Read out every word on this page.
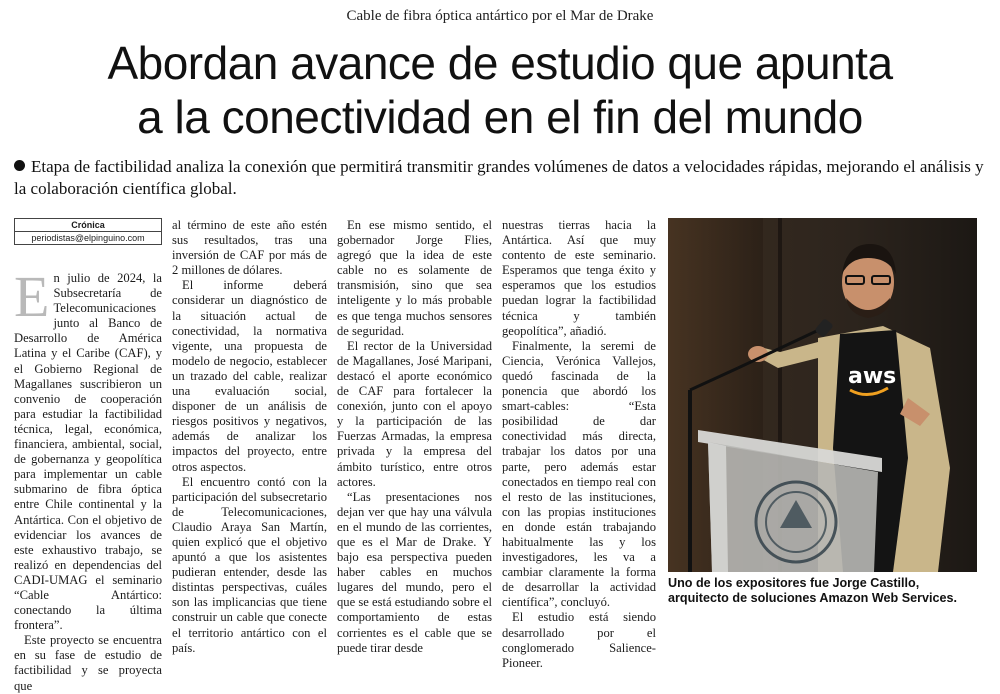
Cable de fibra óptica antártico por el Mar de Drake
Abordan avance de estudio que apunta
a la conectividad en el fin del mundo
Etapa de factibilidad analiza la conexión que permitirá transmitir grandes volúmenes de datos a velocidades rápidas, mejorando el análisis y la colaboración científica global.
Crónica
periodistas@elpinguino.com

En julio de 2024, la Subsecretaría de Telecomunicaciones junto al Banco de Desarrollo de América Latina y el Caribe (CAF), y el Gobierno Regional de Magallanes suscribieron un convenio de cooperación para estudiar la factibilidad técnica, legal, económica, financiera, ambiental, social, de gobernanza y geopolítica para implementar un cable submarino de fibra óptica entre Chile continental y la Antártica. Con el objetivo de evidenciar los avances de este exhaustivo trabajo, se realizó en dependencias del CADI-UMAG el seminario “Cable Antártico: conectando la última frontera”.

Este proyecto se encuentra en su fase de estudio de factibilidad y se proyecta que

al término de este año estén sus resultados, tras una inversión de CAF por más de 2 millones de dólares.

El informe deberá considerar un diagnóstico de la situación actual de conectividad, la normativa vigente, una propuesta de modelo de negocio, establecer un trazado del cable, realizar una evaluación social, disponer de un análisis de riesgos positivos y negativos, además de analizar los impactos del proyecto, entre otros aspectos.

El encuentro contó con la participación del subsecretario de Telecomunicaciones, Claudio Araya San Martín, quien explicó que el objetivo apuntó a que los asistentes pudieran entender, desde las distintas perspectivas, cuáles son las implicancias que tiene construir un cable que conecte el territorio antártico con el país.

En ese mismo sentido, el gobernador Jorge Flies, agregó que la idea de este cable no es solamente de transmisión, sino que sea inteligente y lo más probable es que tenga muchos sensores de seguridad.

El rector de la Universidad de Magallanes, José Maripani, destacó el aporte económico de CAF para fortalecer la conexión, junto con el apoyo y la participación de las Fuerzas Armadas, la empresa privada y la empresa del ámbito turístico, entre otros actores.

“Las presentaciones nos dejan ver que hay una válvula en el mundo de las corrientes, que es el Mar de Drake. Y bajo esa perspectiva pueden haber cables en muchos lugares del mundo, pero el que se está estudiando sobre el comportamiento de estas corrientes es el cable que se puede tirar desde

nuestras tierras hacia la Antártica. Así que muy contento de este seminario. Esperamos que tenga éxito y esperamos que los estudios puedan lograr la factibilidad técnica y también geopolítica”, añadió.

Finalmente, la seremi de Ciencia, Verónica Vallejos, quedó fascinada de la ponencia que abordó los smart-cables: “Esta posibilidad de dar conectividad más directa, trabajar los datos por una parte, pero además estar conectados en tiempo real con el resto de las instituciones, con las propias instituciones en donde están trabajando habitualmente las y los investigadores, les va a cambiar claramente la forma de desarrollar la actividad científica”, concluyó.

El estudio está siendo desarrollado por el conglomerado Salience-Pioneer.

aws
Uno de los expositores fue Jorge Castillo,
arquitecto de soluciones Amazon Web Services.
